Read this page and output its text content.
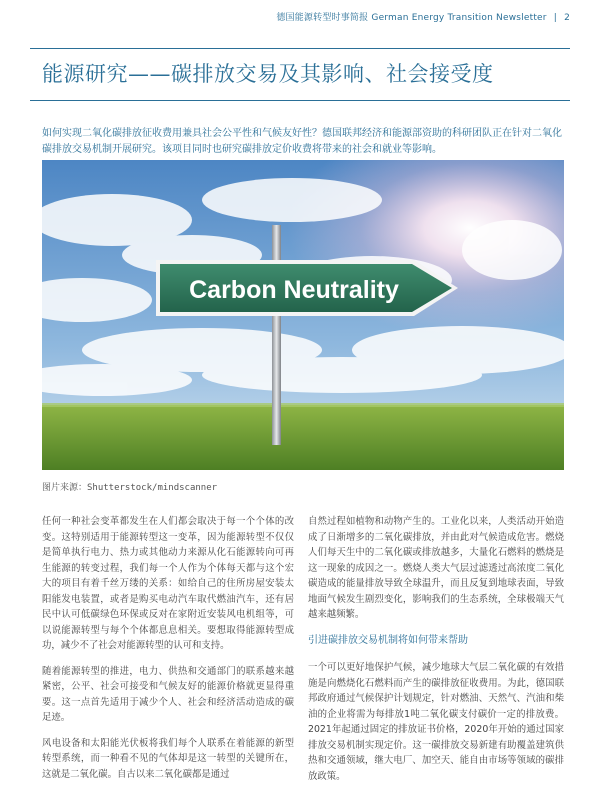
德国能源转型时事简报 German Energy Transition Newsletter | 2
能源研究——碳排放交易及其影响、社会接受度

如何实现二氧化碳排放征收费用兼具社会公平性和气候友好性？德国联邦经济和能源部资助的科研团队正在针对二氧化碳排放交易机制开展研究。该项目同时也研究碳排放定价收费将带来的社会和就业等影响。

Carbon Neutrality
图片来源：Shutterstock/mindscanner

任何一种社会变革都发生在人们都会取决于每一个个体的改变。这特别适用于能源转型这一变革，因为能源转型不仅仅是简单执行电力、热力或其他动力来源从化石能源转向可再生能源的转变过程，我们每一个人作为个体每天都与这个宏大的项目有着千丝万缕的关系：如给自己的住所房屋安装太阳能发电装置，或者是购买电动汽车取代燃油汽车，还有居民中认可低碳绿色环保或反对在家附近安装风电机组等，可以说能源转型与每个个体都息息相关。要想取得能源转型成功，减少不了社会对能源转型的认可和支持。

随着能源转型的推进，电力、供热和交通部门的联系越来越紧密，公平、社会可接受和气候友好的能源价格就更显得重要。这一点首先适用于减少个人、社会和经济活动造成的碳足迹。

风电设备和太阳能光伏板将我们每个人联系在着能源的新型转型系统，而一种看不见的气体却是这一转型的关键所在，这就是二氧化碳。自古以来二氧化碳都是通过

自然过程如植物和动物产生的。工业化以来，人类活动开始造成了日渐增多的二氧化碳排放，并由此对气候造成危害。燃烧人们每天生中的二氧化碳或排放越多，大量化石燃料的燃烧是这一现象的成因之一。燃烧人类大气层过滤透过高浓度二氧化碳造成的能量排放导致全球温升，而且反复到地球表面，导致地面气候发生剧烈变化，影响我们的生态系统，全球极端天气越来越频繁。

引进碳排放交易机制将如何带来帮助

一个可以更好地保护气候，减少地球大气层二氧化碳的有效措施是向燃烧化石燃料而产生的碳排放征收费用。为此，德国联邦政府通过气候保护计划规定，针对燃油、天然气、汽油和柴油的企业将需为每排放1吨二氧化碳支付碳价一定的排放费。2021年起通过固定的排放证书价格，2020年开始的通过国家排放交易机制实现定价。这一碳排放交易新建有助覆盖建筑供热和交通领域，继大电厂、加空天、能自由市场等领域的碳排放政策。
